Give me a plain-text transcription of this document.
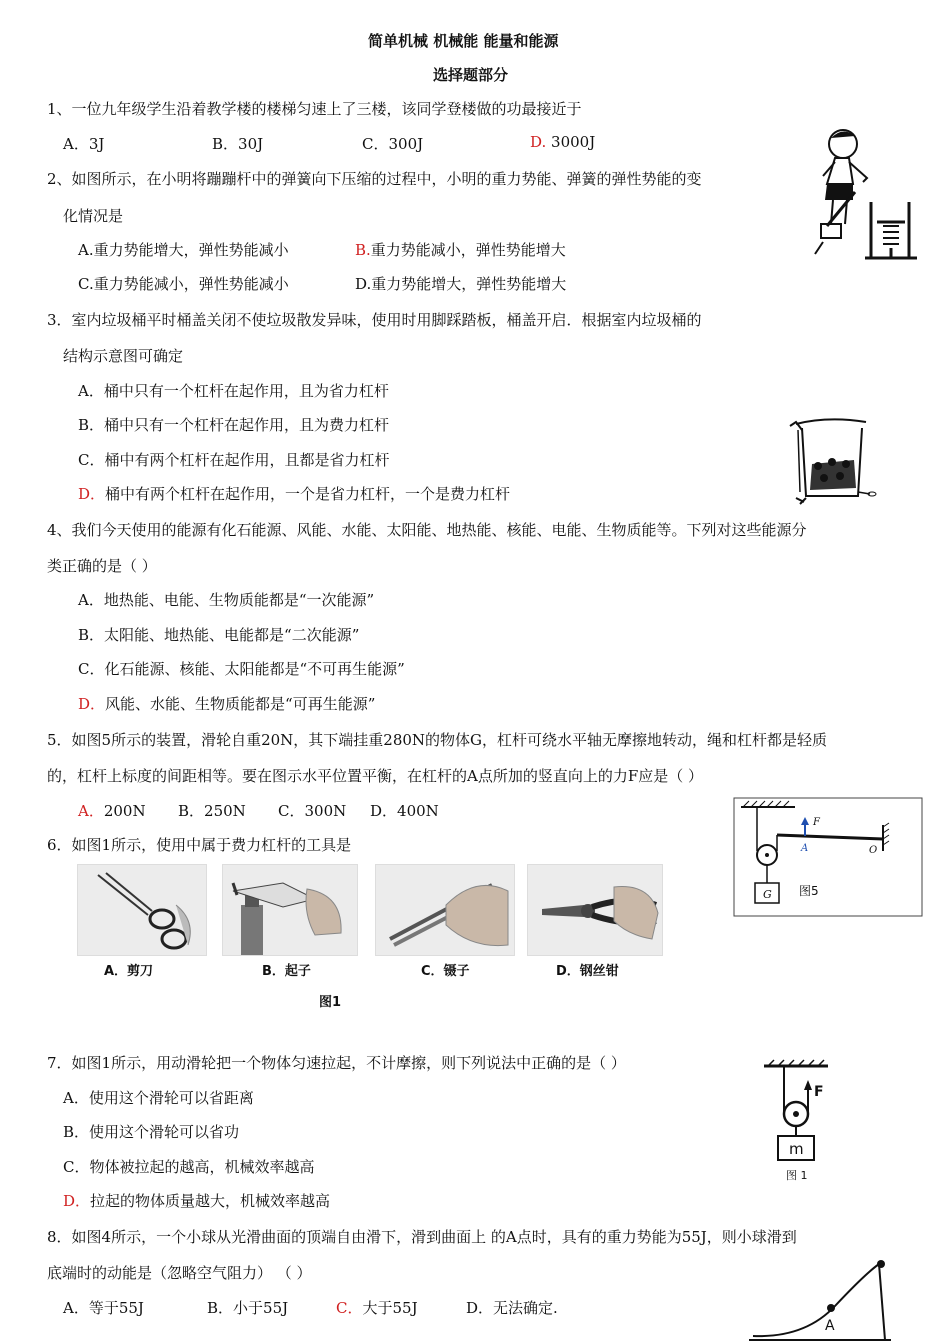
简单机械 机械能 能量和能源
选择题部分
1、一位九年级学生沿着教学楼的楼梯匀速上了三楼，该同学登楼做的功最接近于
A．3J	B．30J	C．300J	D. 3000J
2、如图所示，在小明将蹦蹦杆中的弹簧向下压缩的过程中，小明的重力势能、弹簧的弹性势能的变
化情况是
A.重力势能增大，弹性势能减小	B.重力势能减小，弹性势能增大
C.重力势能减小，弹性势能减小	D.重力势能增大，弹性势能增大
3．室内垃圾桶平时桶盖关闭不使垃圾散发异味，使用时用脚踩踏板，桶盖开启．根据室内垃圾桶的
结构示意图可确定
A．桶中只有一个杠杆在起作用，且为省力杠杆
B．桶中只有一个杠杆在起作用，且为费力杠杆
C．桶中有两个杠杆在起作用，且都是省力杠杆
D．桶中有两个杠杆在起作用，一个是省力杠杆，一个是费力杠杆
4、我们今天使用的能源有化石能源、风能、水能、太阳能、地热能、核能、电能、生物质能等。下列对这些能源分
类正确的是（ ）
A．地热能、电能、生物质能都是“一次能源”
B．太阳能、地热能、电能都是“二次能源”
C．化石能源、核能、太阳能都是“不可再生能源”
D．风能、水能、生物质能都是“可再生能源”
5．如图5所示的装置，滑轮自重20N，其下端挂重280N的物体G，杠杆可绕水平轴无摩擦地转动，绳和杠杆都是轻质
的，杠杆上标度的间距相等。要在图示水平位置平衡，在杠杆的A点所加的竖直向上的力F应是（ ）
A．200N B．250N C．300N D．400N
G
F
A	O
图5
6．如图1所示，使用中属于费力杠杆的工具是
A．剪刀	B．起子	C．镊子	D．钢丝钳
图1
7．如图1所示，用动滑轮把一个物体匀速拉起，不计摩擦，则下列说法中正确的是（ ）
A．使用这个滑轮可以省距离
B．使用这个滑轮可以省功
C．物体被拉起的越高，机械效率越高
D．拉起的物体质量越大，机械效率越高
F
m
图 1
8．如图4所示，一个小球从光滑曲面的顶端自由滑下，滑到曲面上 的A点时，具有的重力势能为55J，则小球滑到
底端时的动能是（忽略空气阻力） （ ）
A．等于55J	B．小于55J	C．大于55J	D．无法确定.
A
